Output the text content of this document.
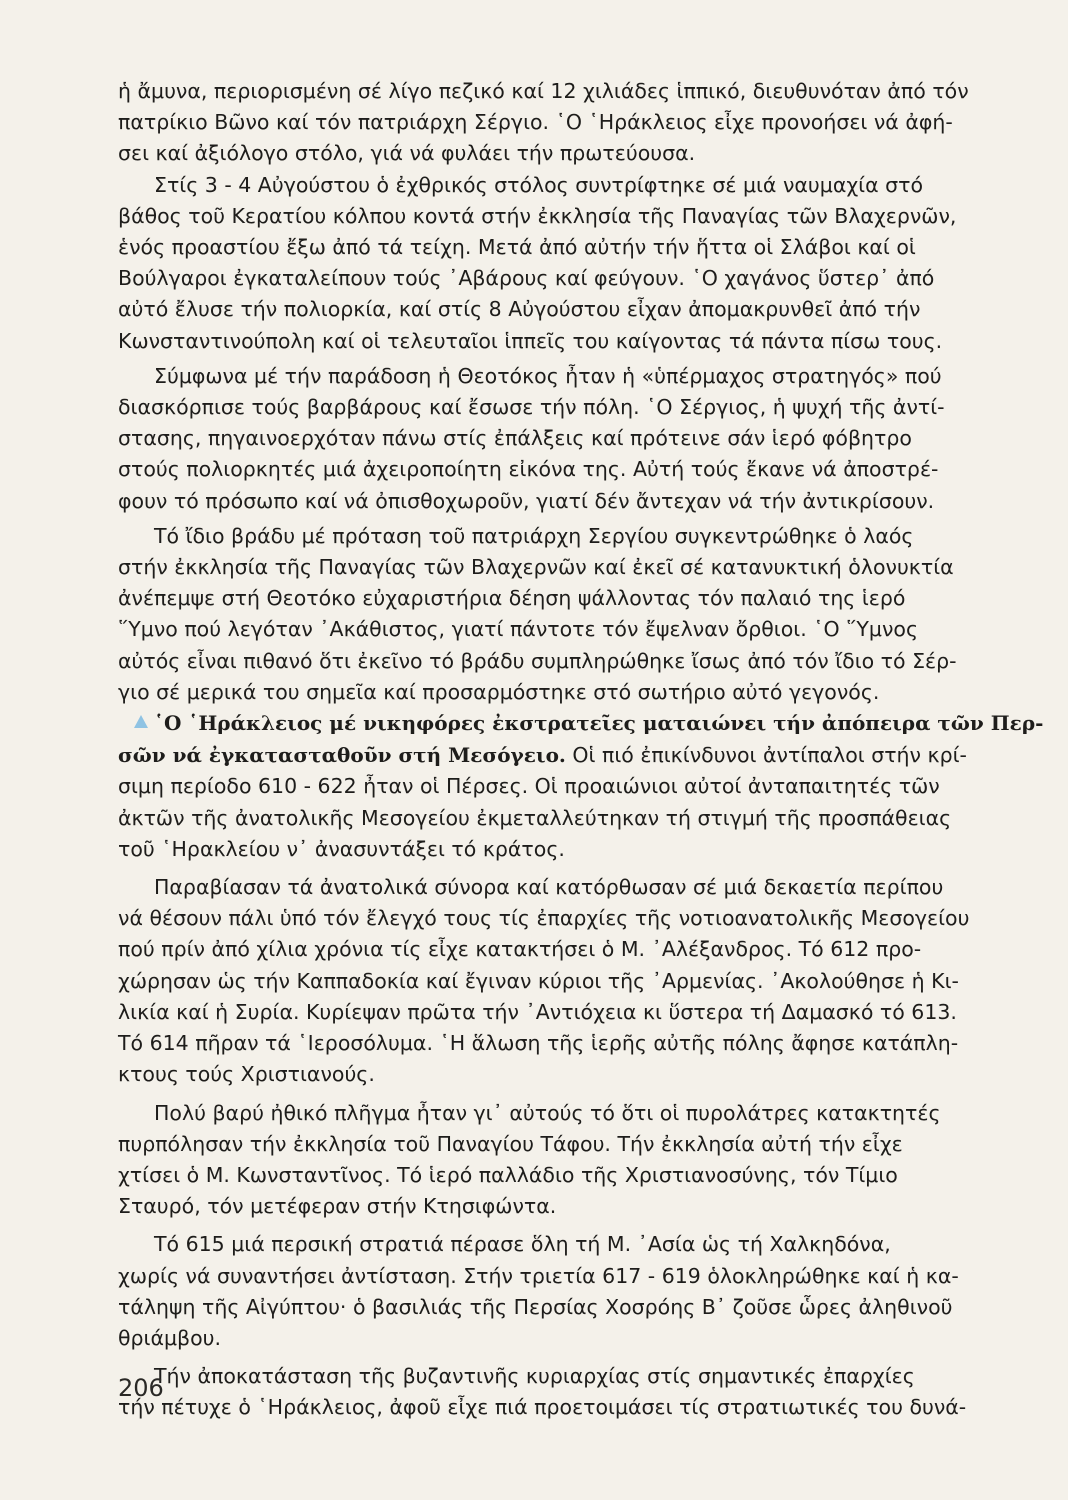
ἡ ἄμυνα, περιορισμένη σέ λίγο πεζικό καί 12 χιλιάδες ἱππικό, διευθυνόταν ἀπό τόν
πατρίκιο Βῶνο καί τόν πατριάρχη Σέργιο. ῾Ο ῾Ηράκλειος εἶχε προνοήσει νά ἀφή-
σει καί ἀξιόλογο στόλο, γιά νά φυλάει τήν πρωτεύουσα.
Στίς 3 - 4 Αὐγούστου ὁ ἐχθρικός στόλος συντρίφτηκε σέ μιά ναυμαχία στό
βάθος τοῦ Κερατίου κόλπου κοντά στήν ἐκκλησία τῆς Παναγίας τῶν Βλαχερνῶν,
ἑνός προαστίου ἔξω ἀπό τά τείχη. Μετά ἀπό αὐτήν τήν ἥττα οἱ Σλάβοι καί οἱ
Βούλγαροι ἐγκαταλείπουν τούς ᾽Αβάρους καί φεύγουν. ῾Ο χαγάνος ὕστερ᾽ ἀπό
αὐτό ἔλυσε τήν πολιορκία, καί στίς 8 Αὐγούστου εἶχαν ἀπομακρυνθεῖ ἀπό τήν
Κωνσταντινούπολη καί οἱ τελευταῖοι ἱππεῖς του καίγοντας τά πάντα πίσω τους.
Σύμφωνα μέ τήν παράδοση ἡ Θεοτόκος ἦταν ἡ «ὑπέρμαχος στρατηγός» πού
διασκόρπισε τούς βαρβάρους καί ἔσωσε τήν πόλη. ῾Ο Σέργιος, ἡ ψυχή τῆς ἀντί-
στασης, πηγαινοερχόταν πάνω στίς ἐπάλξεις καί πρότεινε σάν ἱερό φόβητρο
στούς πολιορκητές μιά ἀχειροποίητη εἰκόνα της. Αὐτή τούς ἔκανε νά ἀποστρέ-
φουν τό πρόσωπο καί νά ὀπισθοχωροῦν, γιατί δέν ἄντεχαν νά τήν ἀντικρίσουν.
Τό ἴδιο βράδυ μέ πρόταση τοῦ πατριάρχη Σεργίου συγκεντρώθηκε ὁ λαός
στήν ἐκκλησία τῆς Παναγίας τῶν Βλαχερνῶν καί ἐκεῖ σέ κατανυκτική ὁλονυκτία
ἀνέπεμψε στή Θεοτόκο εὐχαριστήρια δέηση ψάλλοντας τόν παλαιό της ἱερό
῞Υμνο πού λεγόταν ᾽Ακάθιστος, γιατί πάντοτε τόν ἔψελναν ὄρθιοι. ῾Ο ῞Υμνος
αὐτός εἶναι πιθανό ὅτι ἐκεῖνο τό βράδυ συμπληρώθηκε ἴσως ἀπό τόν ἴδιο τό Σέρ-
γιο σέ μερικά του σημεῖα καί προσαρμόστηκε στό σωτήριο αὐτό γεγονός.
῾Ο ῾Ηράκλειος μέ νικηφόρες ἐκστρατεῖες ματαιώνει τήν ἀπόπειρα τῶν Περ-
σῶν νά ἐγκατασταθοῦν στή Μεσόγειο. Οἱ πιό ἐπικίνδυνοι ἀντίπαλοι στήν κρί-
σιμη περίοδο 610 - 622 ἦταν οἱ Πέρσες. Οἱ προαιώνιοι αὐτοί ἀνταπαιτητές τῶν
ἀκτῶν τῆς ἀνατολικῆς Μεσογείου ἐκμεταλλεύτηκαν τή στιγμή τῆς προσπάθειας
τοῦ ῾Ηρακλείου ν᾽ ἀνασυντάξει τό κράτος.
Παραβίασαν τά ἀνατολικά σύνορα καί κατόρθωσαν σέ μιά δεκαετία περίπου
νά θέσουν πάλι ὑπό τόν ἔλεγχό τους τίς ἐπαρχίες τῆς νοτιοανατολικῆς Μεσογείου
πού πρίν ἀπό χίλια χρόνια τίς εἶχε κατακτήσει ὁ Μ. ᾽Αλέξανδρος. Τό 612 προ-
χώρησαν ὡς τήν Καππαδοκία καί ἔγιναν κύριοι τῆς ᾽Αρμενίας. ᾽Ακολούθησε ἡ Κι-
λικία καί ἡ Συρία. Κυρίεψαν πρῶτα τήν ᾽Αντιόχεια κι ὕστερα τή Δαμασκό τό 613.
Τό 614 πῆραν τά ῾Ιεροσόλυμα. ῾Η ἅλωση τῆς ἱερῆς αὐτῆς πόλης ἄφησε κατάπλη-
κτους τούς Χριστιανούς.
Πολύ βαρύ ἠθικό πλῆγμα ἦταν γι᾽ αὐτούς τό ὅτι οἱ πυρολάτρες κατακτητές
πυρπόλησαν τήν ἐκκλησία τοῦ Παναγίου Τάφου. Τήν ἐκκλησία αὐτή τήν εἶχε
χτίσει ὁ Μ. Κωνσταντῖνος. Τό ἱερό παλλάδιο τῆς Χριστιανοσύνης, τόν Τίμιο
Σταυρό, τόν μετέφεραν στήν Κτησιφώντα.
Τό 615 μιά περσική στρατιά πέρασε ὅλη τή Μ. ᾽Ασία ὡς τή Χαλκηδόνα,
χωρίς νά συναντήσει ἀντίσταση. Στήν τριετία 617 - 619 ὁλοκληρώθηκε καί ἡ κα-
τάληψη τῆς Αἰγύπτου· ὁ βασιλιάς τῆς Περσίας Χοσρόης Β᾽ ζοῦσε ὧρες ἀληθινοῦ
θριάμβου.
Τήν ἀποκατάσταση τῆς βυζαντινῆς κυριαρχίας στίς σημαντικές ἐπαρχίες
τήν πέτυχε ὁ ῾Ηράκλειος, ἀφοῦ εἶχε πιά προετοιμάσει τίς στρατιωτικές του δυνά-
206
